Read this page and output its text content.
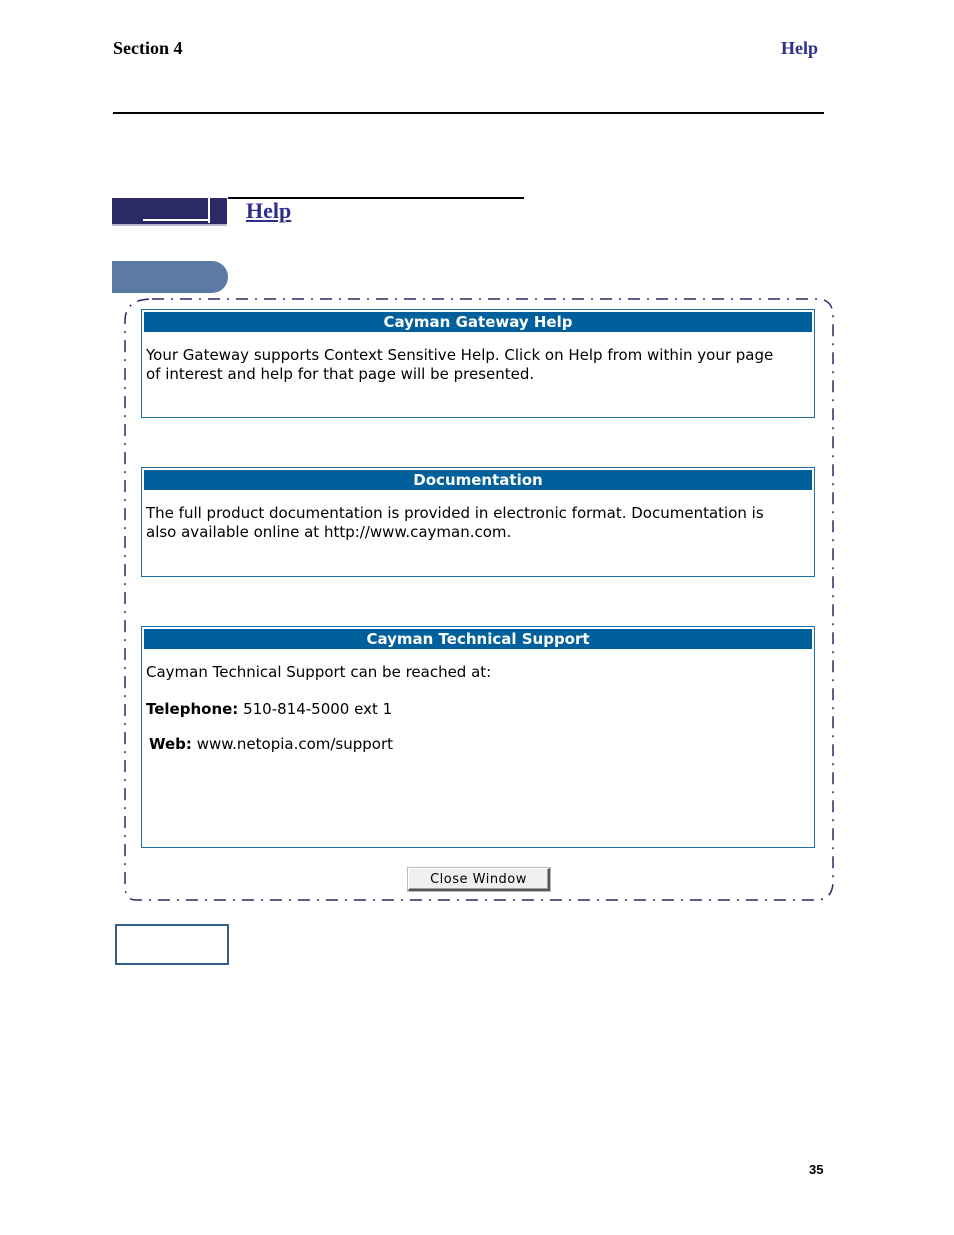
Section 4	Help
Help
Cayman Gateway Help
Your Gateway supports Context Sensitive Help. Click on Help from within your page
of interest and help for that page will be presented.
Documentation
The full product documentation is provided in electronic format. Documentation is
also available online at http://www.cayman.com.
Cayman Technical Support
Cayman Technical Support can be reached at:
Telephone: 510-814-5000 ext 1
Web: www.netopia.com/support
Close Window
35
